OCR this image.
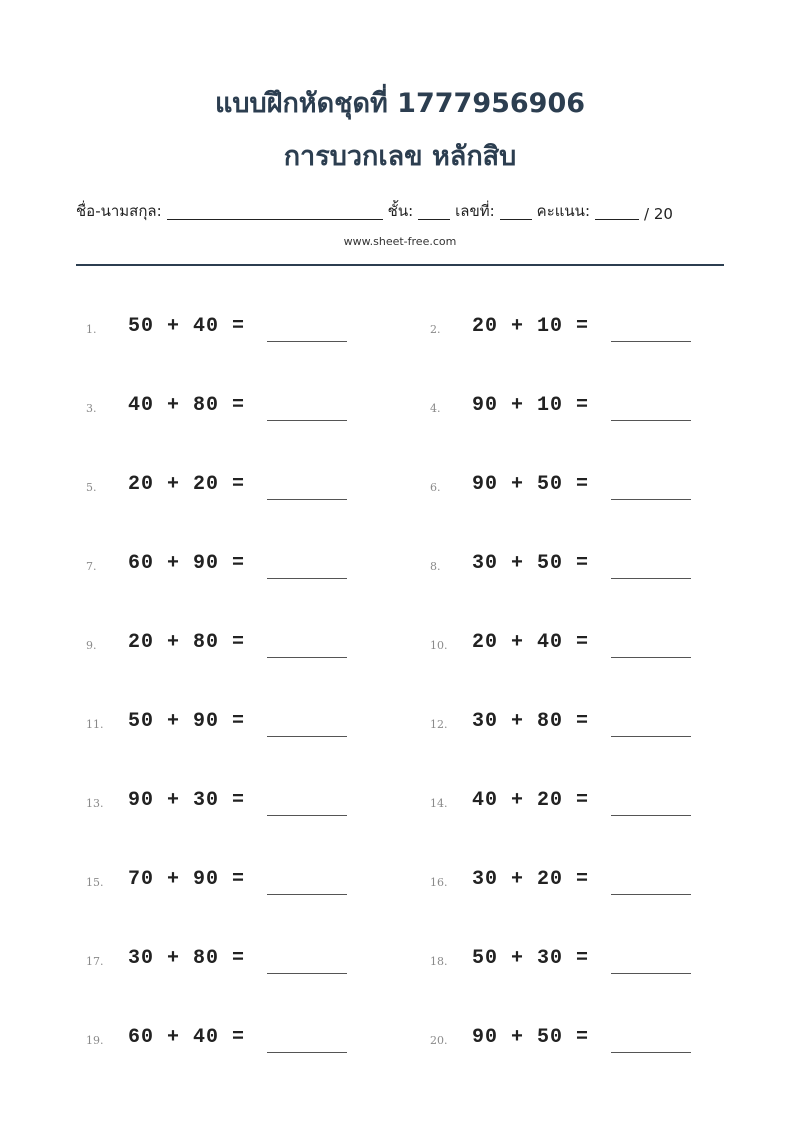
แบบฝึกหัดชุดที่ 1777956906
การบวกเลข หลักสิบ
ชื่อ-นามสกุล:	ชั้น:	เลขที่:	คะแนน:	/ 20
www.sheet-free.com
1. 50 + 40 =	2. 20 + 10 =
3. 40 + 80 =	4. 90 + 10 =
5. 20 + 20 =	6. 90 + 50 =
7. 60 + 90 =	8. 30 + 50 =
9. 20 + 80 =	10. 20 + 40 =
11. 50 + 90 =	12. 30 + 80 =
13. 90 + 30 =	14. 40 + 20 =
15. 70 + 90 =	16. 30 + 20 =
17. 30 + 80 =	18. 50 + 30 =
19. 60 + 40 =	20. 90 + 50 =
